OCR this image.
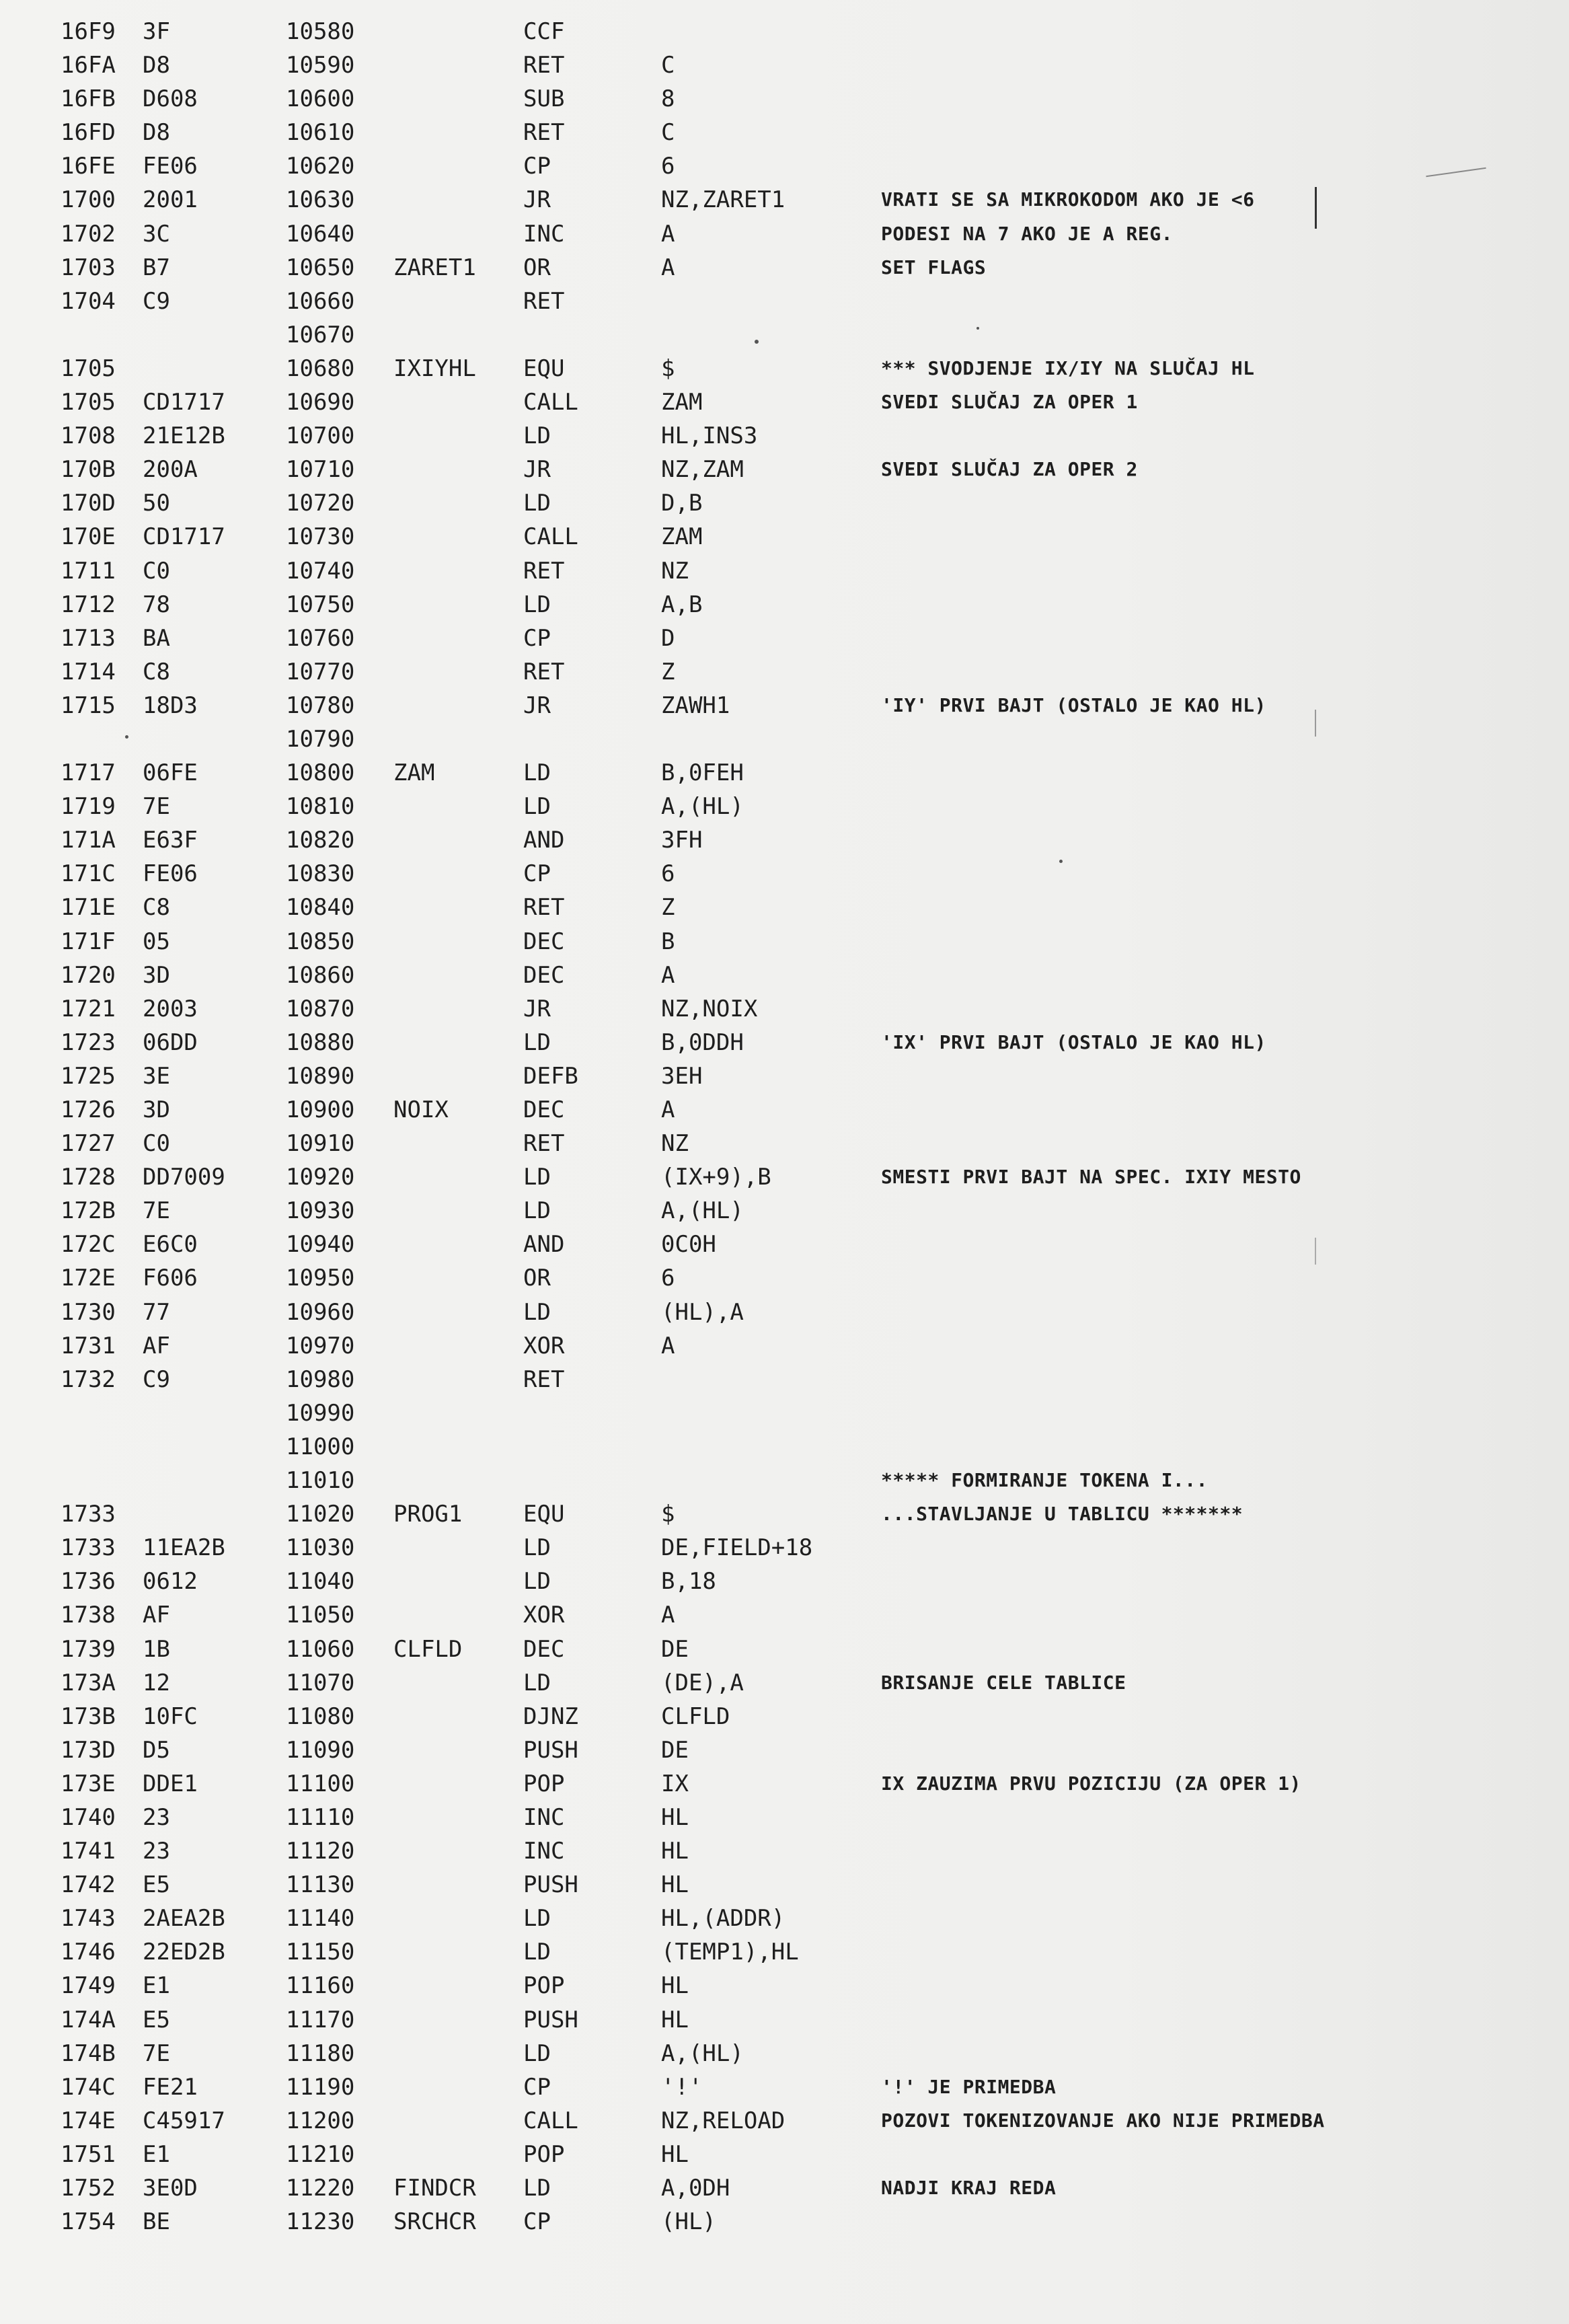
16F9 3F	10580	CCF
16FA D8	10590	RET	C
16FB D608	10600	SUB	8
16FD D8	10610	RET	C
16FE FE06	10620	CP	6
1700 2001	10630	JR	NZ,ZARET1	VRATI SE SA MIKROKODOM AKO JE <6
1702 3C	10640	INC	A	PODESI NA 7 AKO JE A REG.
1703 B7	10650 ZARET1 OR	A	SET FLAGS
1704 C9	10660	RET
10670
1705	10680 IXIYHL EQU	$	*** SVODJENJE IX/IY NA SLUČAJ HL
1705 CD1717	10690	CALL	ZAM	SVEDI SLUČAJ ZA OPER 1
1708 21E12B	10700	LD	HL,INS3
170B 200A	10710	JR	NZ,ZAM	SVEDI SLUČAJ ZA OPER 2
170D 50	10720	LD	D,B
170E CD1717	10730	CALL	ZAM
1711 C0	10740	RET	NZ
1712 78	10750	LD	A,B
1713 BA	10760	CP	D
1714 C8	10770	RET	Z
1715 18D3	10780	JR	ZAWH1	'IY' PRVI BAJT (OSTALO JE KAO HL)
10790
1717 06FE	10800 ZAM	LD	B,0FEH
1719 7E	10810	LD	A,(HL)
171A E63F	10820	AND	3FH
171C FE06	10830	CP	6
171E C8	10840	RET	Z
171F 05	10850	DEC	B
1720 3D	10860	DEC	A
1721 2003	10870	JR	NZ,NOIX
1723 06DD	10880	LD	B,0DDH	'IX' PRVI BAJT (OSTALO JE KAO HL)
1725 3E	10890	DEFB	3EH
1726 3D	10900 NOIX	DEC	A
1727 C0	10910	RET	NZ
1728 DD7009	10920	LD	(IX+9),B	SMESTI PRVI BAJT NA SPEC. IXIY MESTO
172B 7E	10930	LD	A,(HL)
172C E6C0	10940	AND	0C0H
172E F606	10950	OR	6
1730 77	10960	LD	(HL),A
1731 AF	10970	XOR	A
1732 C9	10980	RET
10990
11000
11010	***** FORMIRANJE TOKENA I...
1733	11020 PROG1	EQU	$	...STAVLJANJE U TABLICU *******
1733 11EA2B	11030	LD	DE,FIELD+18
1736 0612	11040	LD	B,18
1738 AF	11050	XOR	A
1739 1B	11060 CLFLD	DEC	DE
173A 12	11070	LD	(DE),A	BRISANJE CELE TABLICE
173B 10FC	11080	DJNZ	CLFLD
173D D5	11090	PUSH	DE
173E DDE1	11100	POP	IX	IX ZAUZIMA PRVU POZICIJU (ZA OPER 1)
1740 23	11110	INC	HL
1741 23	11120	INC	HL
1742 E5	11130	PUSH	HL
1743 2AEA2B	11140	LD	HL,(ADDR)
1746 22ED2B	11150	LD	(TEMP1),HL
1749 E1	11160	POP	HL
174A E5	11170	PUSH	HL
174B 7E	11180	LD	A,(HL)
174C FE21	11190	CP	'!'	'!' JE PRIMEDBA
174E C45917	11200	CALL	NZ,RELOAD	POZOVI TOKENIZOVANJE AKO NIJE PRIMEDBA
1751 E1	11210	POP	HL
1752 3E0D	11220 FINDCR LD	A,0DH	NADJI KRAJ REDA
1754 BE	11230 SRCHCR CP	(HL)
